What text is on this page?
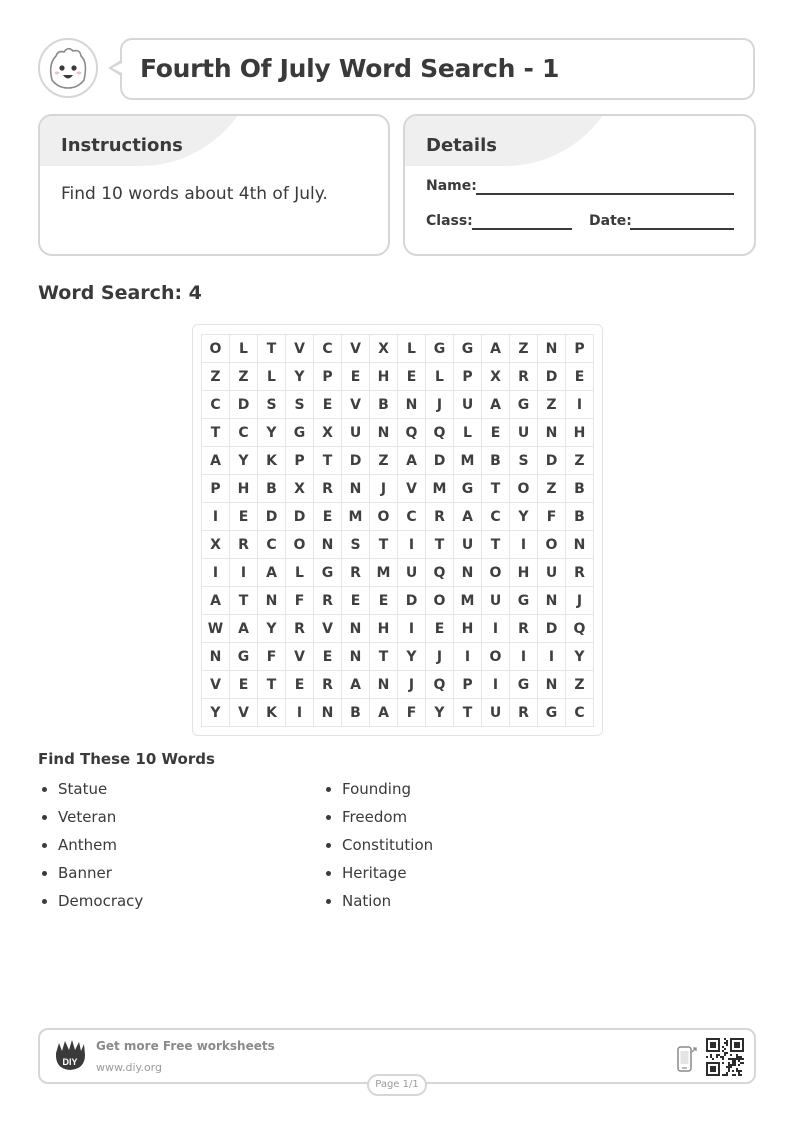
Fourth Of July Word Search - 1
Instructions
Find 10 words about 4th of July.
Details
Name:
Class:	Date:
Word Search: 4
O	L	T	V	C	V	X	L	G	G	A	Z	N	P
Z	Z	L	Y	P	E	H	E	L	P	X	R	D	E
C	D	S	S	E	V	B	N	J	U	A	G	Z	I
T	C	Y	G	X	U	N	Q	Q	L	E	U	N	H
A	Y	K	P	T	D	Z	A	D	M	B	S	D	Z
P	H	B	X	R	N	J	V	M	G	T	O	Z	B
I	E	D	D	E	M	O	C	R	A	C	Y	F	B
X	R	C	O	N	S	T	I	T	U	T	I	O	N
I	I	A	L	G	R	M	U	Q	N	O	H	U	R
A	T	N	F	R	E	E	D	O	M	U	G	N	J
W	A	Y	R	V	N	H	I	E	H	I	R	D	Q
N	G	F	V	E	N	T	Y	J	I	O	I	I	Y
V	E	T	E	R	A	N	J	Q	P	I	G	N	Z
Y	V	K	I	N	B	A	F	Y	T	U	R	G	C
Find These 10 Words
Statue
Veteran
Anthem
Banner
Democracy
Founding
Freedom
Constitution
Heritage
Nation
DIY
Get more Free worksheets
www.diy.org
Page 1/1
